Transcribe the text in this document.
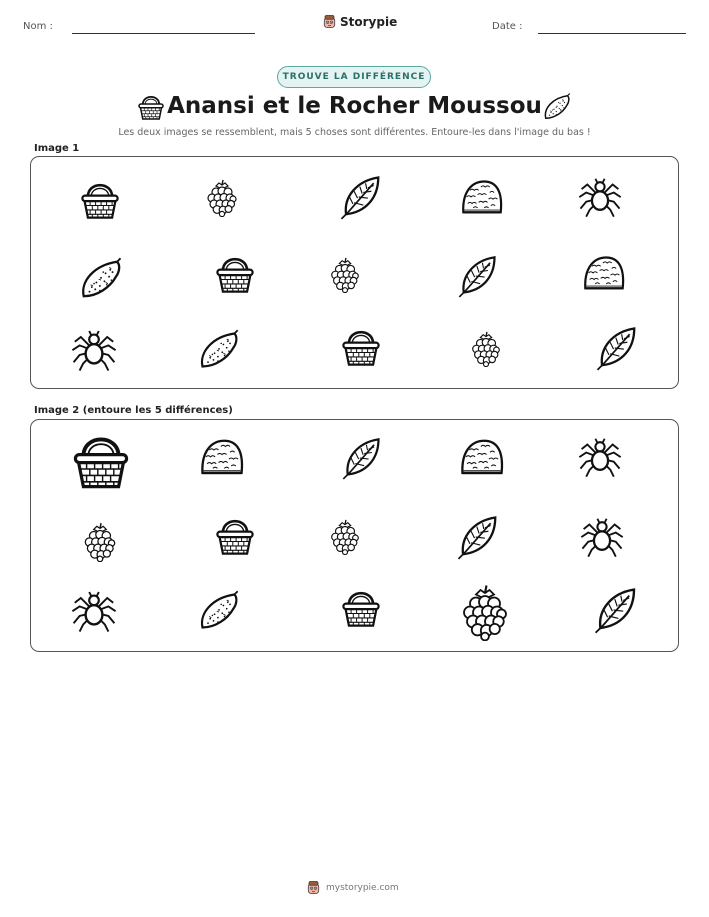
Nom :	Storypie	Date :
TROUVE LA DIFFÉRENCE
Anansi et le Rocher Moussou
Les deux images se ressemblent, mais 5 choses sont différentes. Entoure-les dans l'image du bas !
Image 1
Image 2 (entoure les 5 différences)
mystorypie.com
